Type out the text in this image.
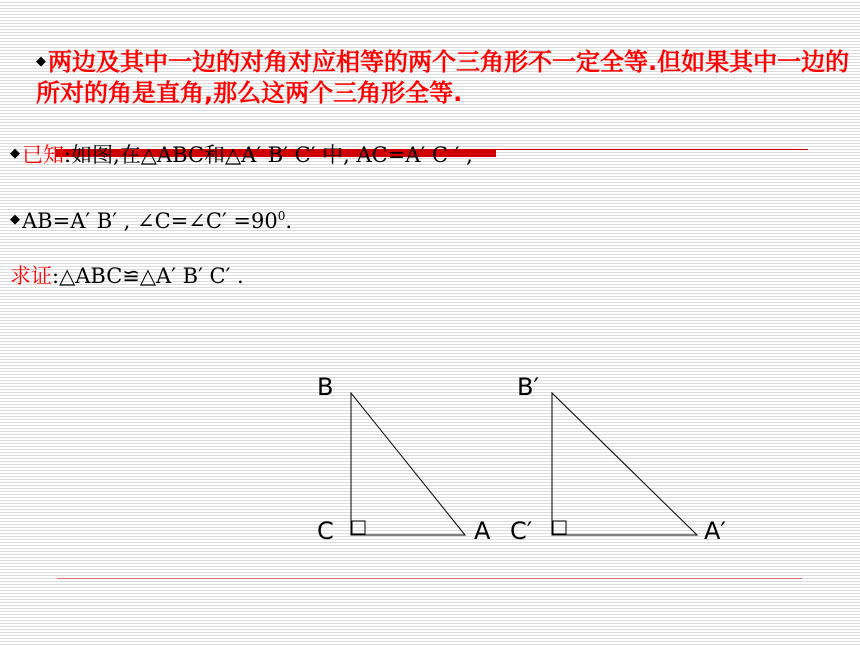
◆两边及其中一边的对角对应相等的两个三角形不一定全等.但如果其中一边的所对的角是直角,那么这两个三角形全等.
◆已知:如图,在△ABC和△A′ B′ C′ 中, AC=A′ C ′ ,
◆AB=A′ B′ , ∠C=∠C′ $=90^0$.
求证:△ABC≌△A′ B′ C′ .
B
C	A
B′
C′	A′
